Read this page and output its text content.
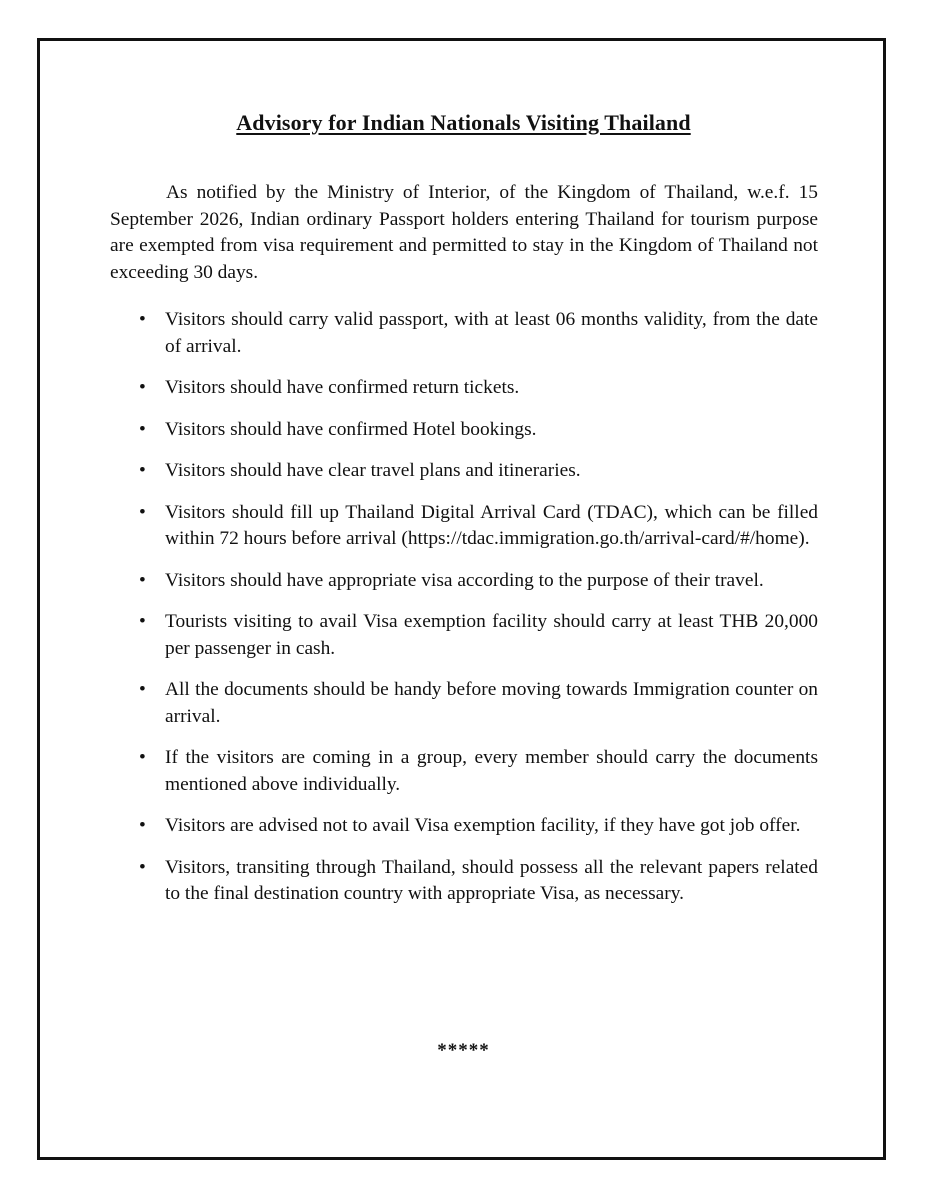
Advisory for Indian Nationals Visiting Thailand

As notified by the Ministry of Interior, of the Kingdom of Thailand, w.e.f. 15 September 2026, Indian ordinary Passport holders entering Thailand for tourism purpose are exempted from visa requirement and permitted to stay in the Kingdom of Thailand not exceeding 30 days.

• Visitors should carry valid passport, with at least 06 months validity, from the date of arrival.
• Visitors should have confirmed return tickets.
• Visitors should have confirmed Hotel bookings.
• Visitors should have clear travel plans and itineraries.
• Visitors should fill up Thailand Digital Arrival Card (TDAC), which can be filled within 72 hours before arrival (https://tdac.immigration.go.th/arrival-card/#/home).
• Visitors should have appropriate visa according to the purpose of their travel.
• Tourists visiting to avail Visa exemption facility should carry at least THB 20,000 per passenger in cash.
• All the documents should be handy before moving towards Immigration counter on arrival.
• If the visitors are coming in a group, every member should carry the documents mentioned above individually.
• Visitors are advised not to avail Visa exemption facility, if they have got job offer.
• Visitors, transiting through Thailand, should possess all the relevant papers related to the final destination country with appropriate Visa, as necessary.
*****
